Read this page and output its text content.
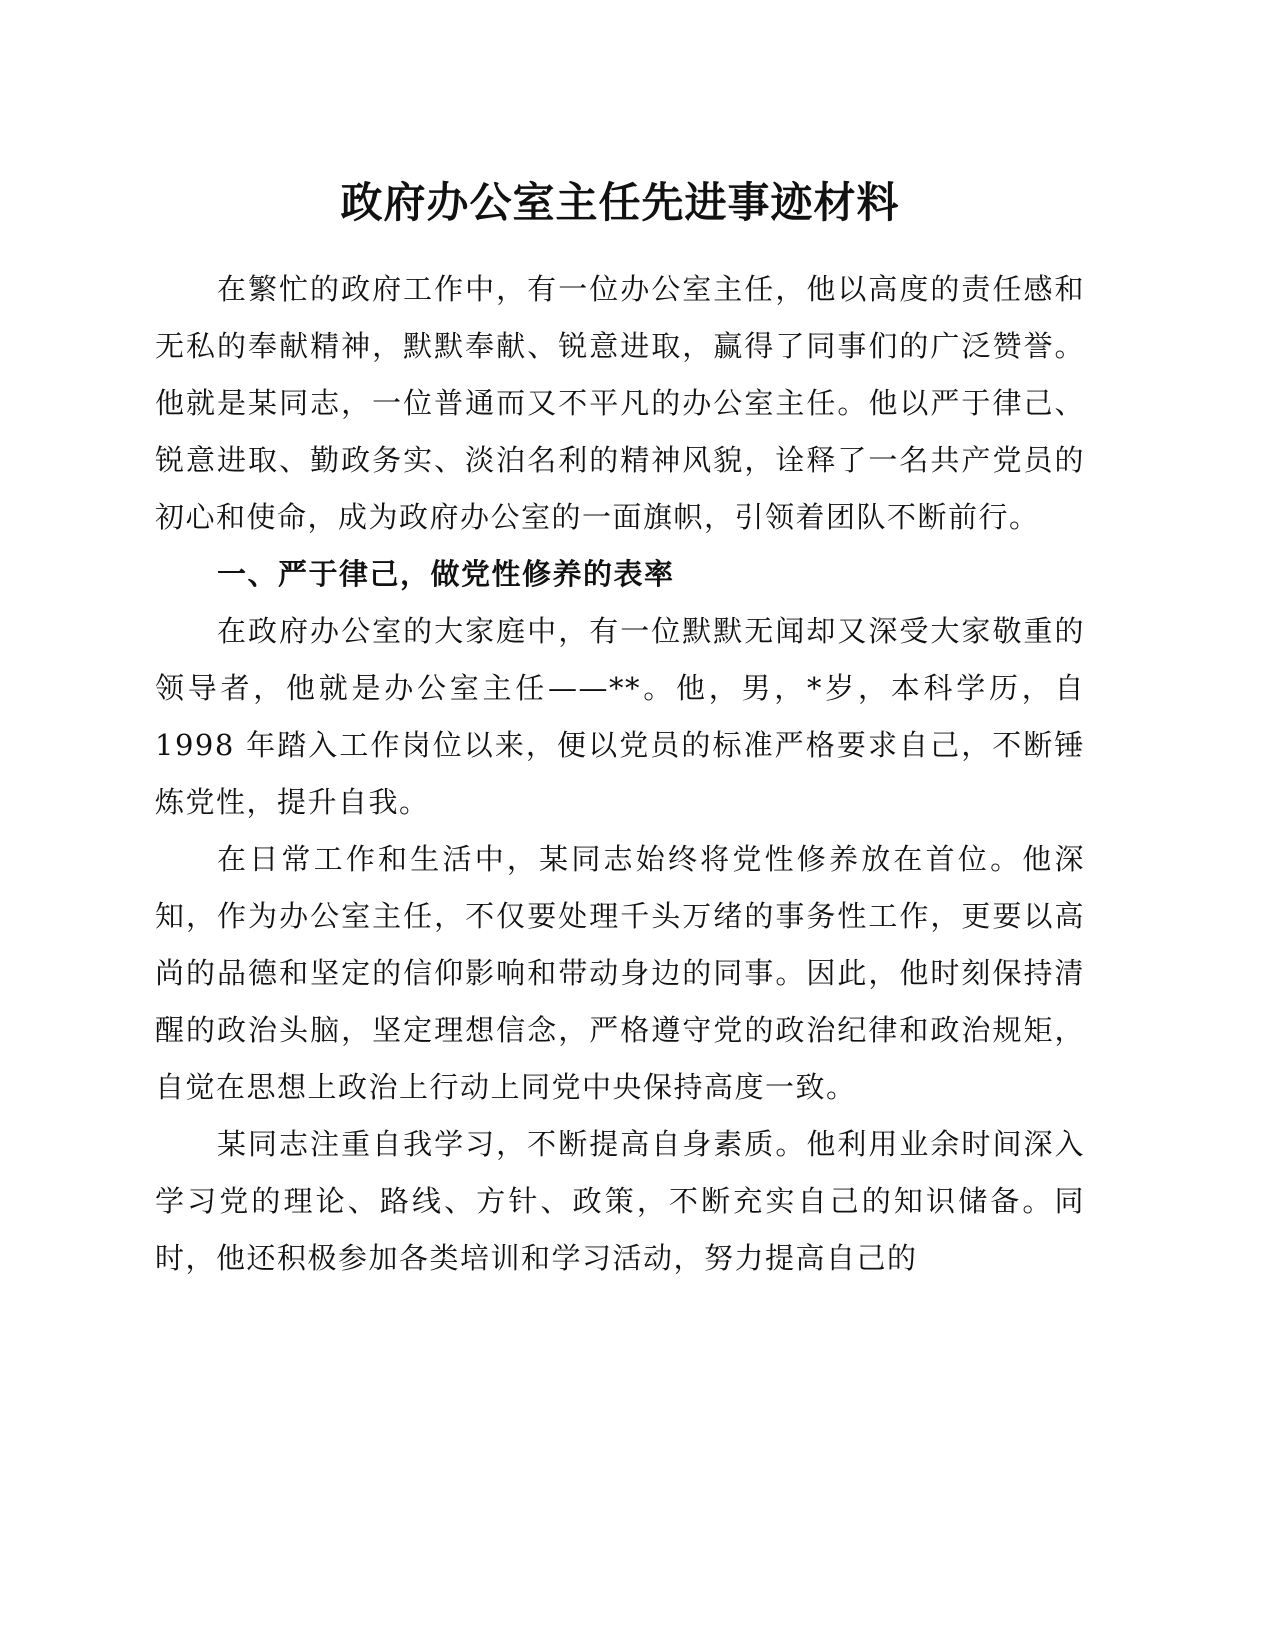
政府办公室主任先进事迹材料

在繁忙的政府工作中，有一位办公室主任，他以高度的责任感和无私的奉献精神，默默奉献、锐意进取，赢得了同事们的广泛赞誉。他就是某同志，一位普通而又不平凡的办公室主任。他以严于律己、锐意进取、勤政务实、淡泊名利的精神风貌，诠释了一名共产党员的初心和使命，成为政府办公室的一面旗帜，引领着团队不断前行。

一、严于律己，做党性修养的表率

在政府办公室的大家庭中，有一位默默无闻却又深受大家敬重的领导者，他就是办公室主任——**。他，男，*岁，本科学历，自 1998 年踏入工作岗位以来，便以党员的标准严格要求自己，不断锤炼党性，提升自我。

在日常工作和生活中，某同志始终将党性修养放在首位。他深知，作为办公室主任，不仅要处理千头万绪的事务性工作，更要以高尚的品德和坚定的信仰影响和带动身边的同事。因此，他时刻保持清醒的政治头脑，坚定理想信念，严格遵守党的政治纪律和政治规矩，自觉在思想上政治上行动上同党中央保持高度一致。

某同志注重自我学习，不断提高自身素质。他利用业余时间深入学习党的理论、路线、方针、政策，不断充实自己的知识储备。同时，他还积极参加各类培训和学习活动，努力提高自己的
